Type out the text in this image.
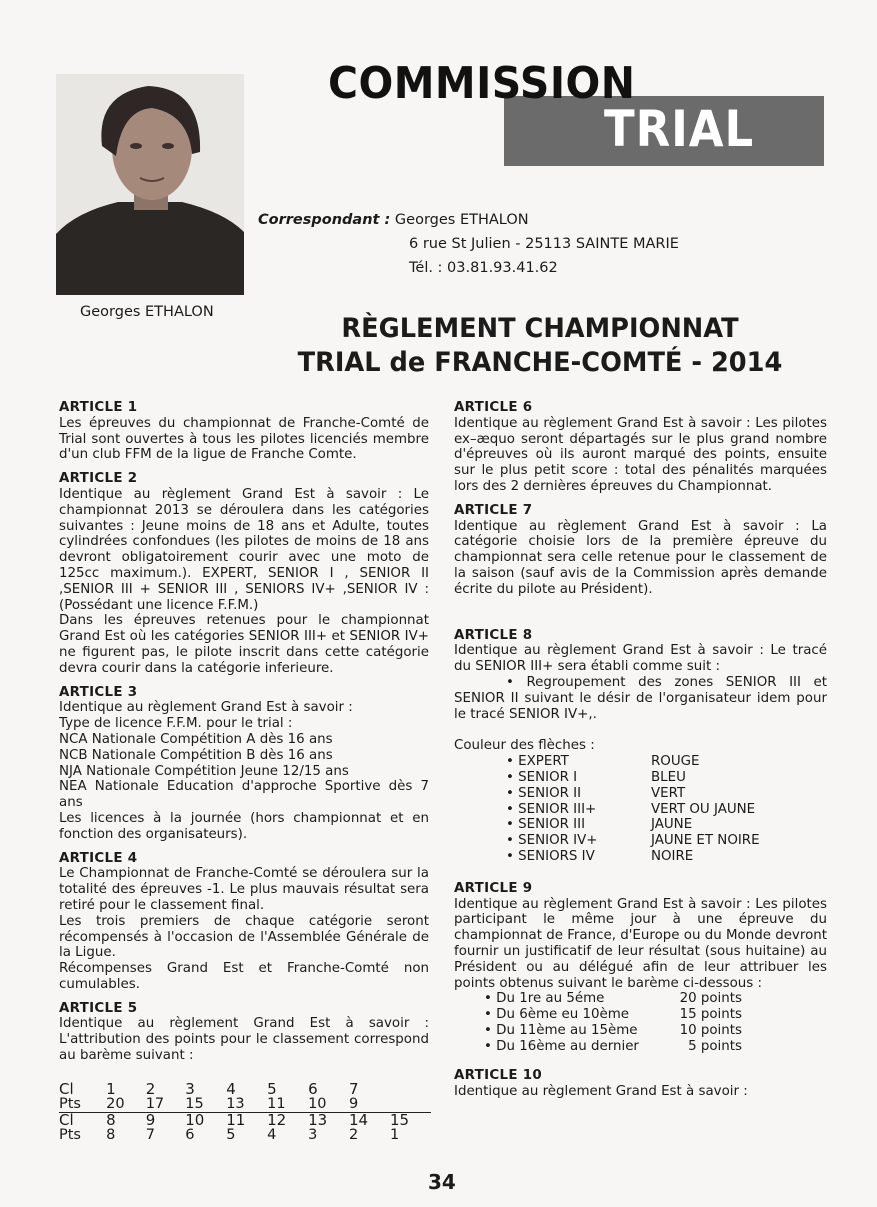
COMMISSION
TRIAL
Georges ETHALON
Correspondant : Georges ETHALON
6 rue St Julien - 25113 SAINTE MARIE
Tél. : 03.81.93.41.62
RÈGLEMENT CHAMPIONNAT
TRIAL de FRANCHE-COMTÉ - 2014
ARTICLE 1

Les épreuves du championnat de Franche-Comté de Trial sont ouvertes à tous les pilotes licenciés membre d'un club FFM de la ligue de Franche Comte.

ARTICLE 2

Identique au règlement Grand Est à savoir : Le championnat 2013 se déroulera dans les catégories suivantes : Jeune moins de 18 ans et Adulte, toutes cylindrées confondues (les pilotes de moins de 18 ans devront obligatoirement courir avec une moto de 125cc maximum.). EXPERT, SENIOR I , SENIOR II ,SENIOR III + SENIOR III , SENIORS IV+ ,SENIOR IV : (Possédant une licence F.F.M.)

Dans les épreuves retenues pour le championnat Grand Est où les catégories SENIOR III+ et SENIOR IV+ ne figurent pas, le pilote inscrit dans cette catégorie devra courir dans la catégorie inferieure.

ARTICLE 3

Identique au règlement Grand Est à savoir :

Type de licence F.F.M. pour le trial :

NCA Nationale Compétition A dès 16 ans

NCB Nationale Compétition B dès 16 ans

NJA Nationale Compétition Jeune 12/15 ans

NEA Nationale Education d'approche Sportive dès 7 ans

Les licences à la journée (hors championnat et en fonction des organisateurs).

ARTICLE 4

Le Championnat de Franche-Comté se déroulera sur la totalité des épreuves -1. Le plus mauvais résultat sera retiré pour le classement final.

Les trois premiers de chaque catégorie seront récompensés à l'occasion de l'Assemblée Générale de la Ligue.

Récompenses Grand Est et Franche-Comté non cumulables.

ARTICLE 5

Identique au règlement Grand Est à savoir : L'attribution des points pour le classement correspond au barème suivant :

Cl	1	2	3	4	5	6	7	
Pts	20	17	15	13	11	10	9	
Cl	8	9	10	11	12	13	14	15
Pts	8	7	6	5	4	3	2	1
ARTICLE 6

Identique au règlement Grand Est à savoir : Les pilotes ex–æquo seront départagés sur le plus grand nombre d'épreuves où ils auront marqué des points, ensuite sur le plus petit score : total des pénalités marquées lors des 2 dernières épreuves du Championnat.

ARTICLE 7

Identique au règlement Grand Est à savoir : La catégorie choisie lors de la première épreuve du championnat sera celle retenue pour le classement de la saison (sauf avis de la Commission après demande écrite du pilote au Président).

ARTICLE 8

Identique au règlement Grand Est à savoir : Le tracé du SENIOR III+ sera établi comme suit :

• Regroupement des zones SENIOR III et SENIOR II suivant le désir de l'organisateur idem pour le tracé SENIOR IV+,.

Couleur des flèches :

• EXPERT	ROUGE
• SENIOR I	BLEU
• SENIOR II	VERT
• SENIOR III+	VERT OU JAUNE
• SENIOR III	JAUNE
• SENIOR IV+	JAUNE ET NOIRE
• SENIORS IV	NOIRE
ARTICLE 9

Identique au règlement Grand Est à savoir : Les pilotes participant le même jour à une épreuve du championnat de France, d'Europe ou du Monde devront fournir un justificatif de leur résultat (sous huitaine) au Président ou au délégué afin de leur attribuer les points obtenus suivant le barème ci-dessous :

• Du 1re au 5éme	20 points
• Du 6ème eu 10ème	15 points
• Du 11ème au 15ème	10 points
• Du 16ème au dernier	5 points
ARTICLE 10

Identique au règlement Grand Est à savoir :

34
